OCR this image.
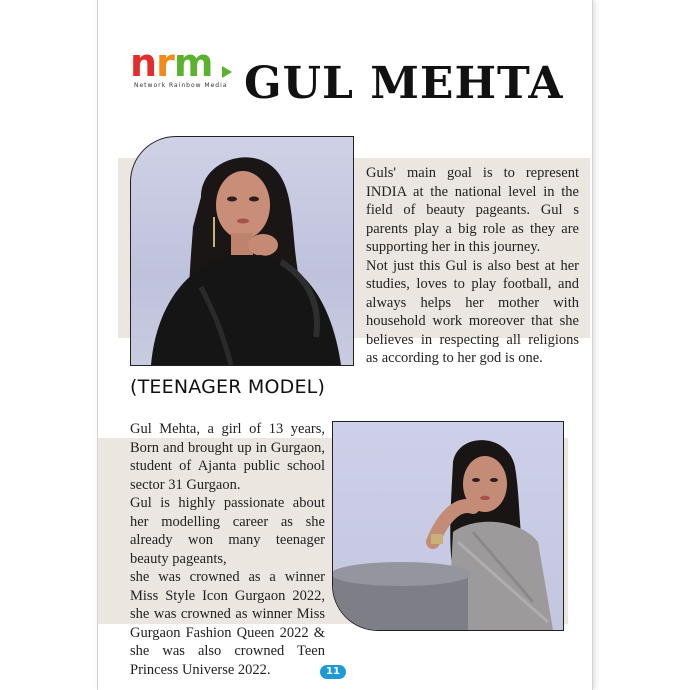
nrm
Network Rainbow Media GUL MEHTA

Guls' main goal is to represent INDIA at the national level in the field of beauty pageants. Gul s parents play a big role as they are supporting her in this journey.

Not just this Gul is also best at her studies, loves to play football, and always helps her mother with household work moreover that she believes in respecting all religions as according to her god is one.

(TEENAGER MODEL)

Gul Mehta, a girl of 13 years, Born and brought up in Gurgaon, student of Ajanta public school sector 31 Gurgaon.

Gul is highly passionate about her modelling career as she already won many teenager beauty pageants,

she was crowned as a winner Miss Style Icon Gurgaon 2022, she was crowned as winner Miss Gurgaon Fashion Queen 2022 & she was also crowned Teen Princess Universe 2022.	11
